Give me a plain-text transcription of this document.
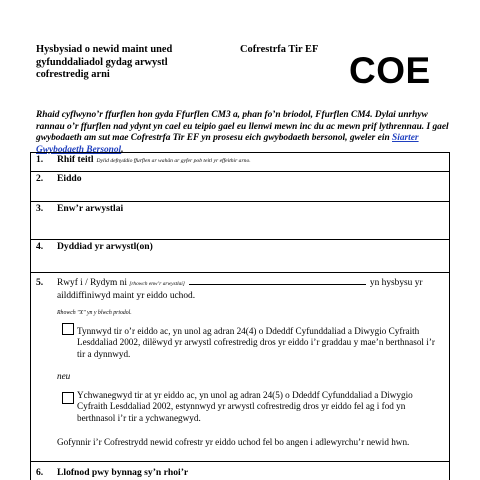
Hysbysiad o newid maint uned
gyfunddaliadol gydag arwystl
cofrestredig arni
Cofrestrfa Tir EF
COE
Rhaid cyflwyno’r ffurflen hon gyda Ffurflen CM3 a, phan fo’n briodol, Ffurflen CM4. Dylai unrhyw rannau o’r ffurflen nad ydynt yn cael eu teipio gael eu llenwi mewn inc du ac mewn prif lythrennau. I gael gwybodaeth am sut mae Cofrestrfa Tir EF yn prosesu eich gwybodaeth bersonol, gweler ein Siarter Gwybodaeth Bersonol.
1. Rhif teitl Dylid defnyddio ffurflen ar wahân ar gyfer pob teitl yr effeithir arno.
2. Eiddo
3. Enw’r arwystlai
4. Dyddiad yr arwystl(on)
5. Rwyf i / Rydym ni [rhowch enw’r arwystlai]	yn hysbysu yr
ailddiffiniwyd maint yr eiddo uchod.
Rhowch "X" yn y blwch priodol.
Tynnwyd tir o’r eiddo ac, yn unol ag adran 24(4) o Ddeddf Cyfunddaliad a Diwygio Cyfraith Lesddaliad 2002, dilëwyd yr arwystl cofrestredig dros yr eiddo i’r graddau y mae’n berthnasol i’r tir a dynnwyd.
neu
Ychwanegwyd tir at yr eiddo ac, yn unol ag adran 24(5) o Ddeddf Cyfunddaliad a Diwygio Cyfraith Lesddaliad 2002, estynnwyd yr arwystl cofrestredig dros yr eiddo fel ag i fod yn berthnasol i’r tir a ychwanegwyd.
Gofynnir i’r Cofrestrydd newid cofrestr yr eiddo uchod fel bo angen i adlewyrchu’r newid hwn.
6. Llofnod pwy bynnag sy’n rhoi’r
